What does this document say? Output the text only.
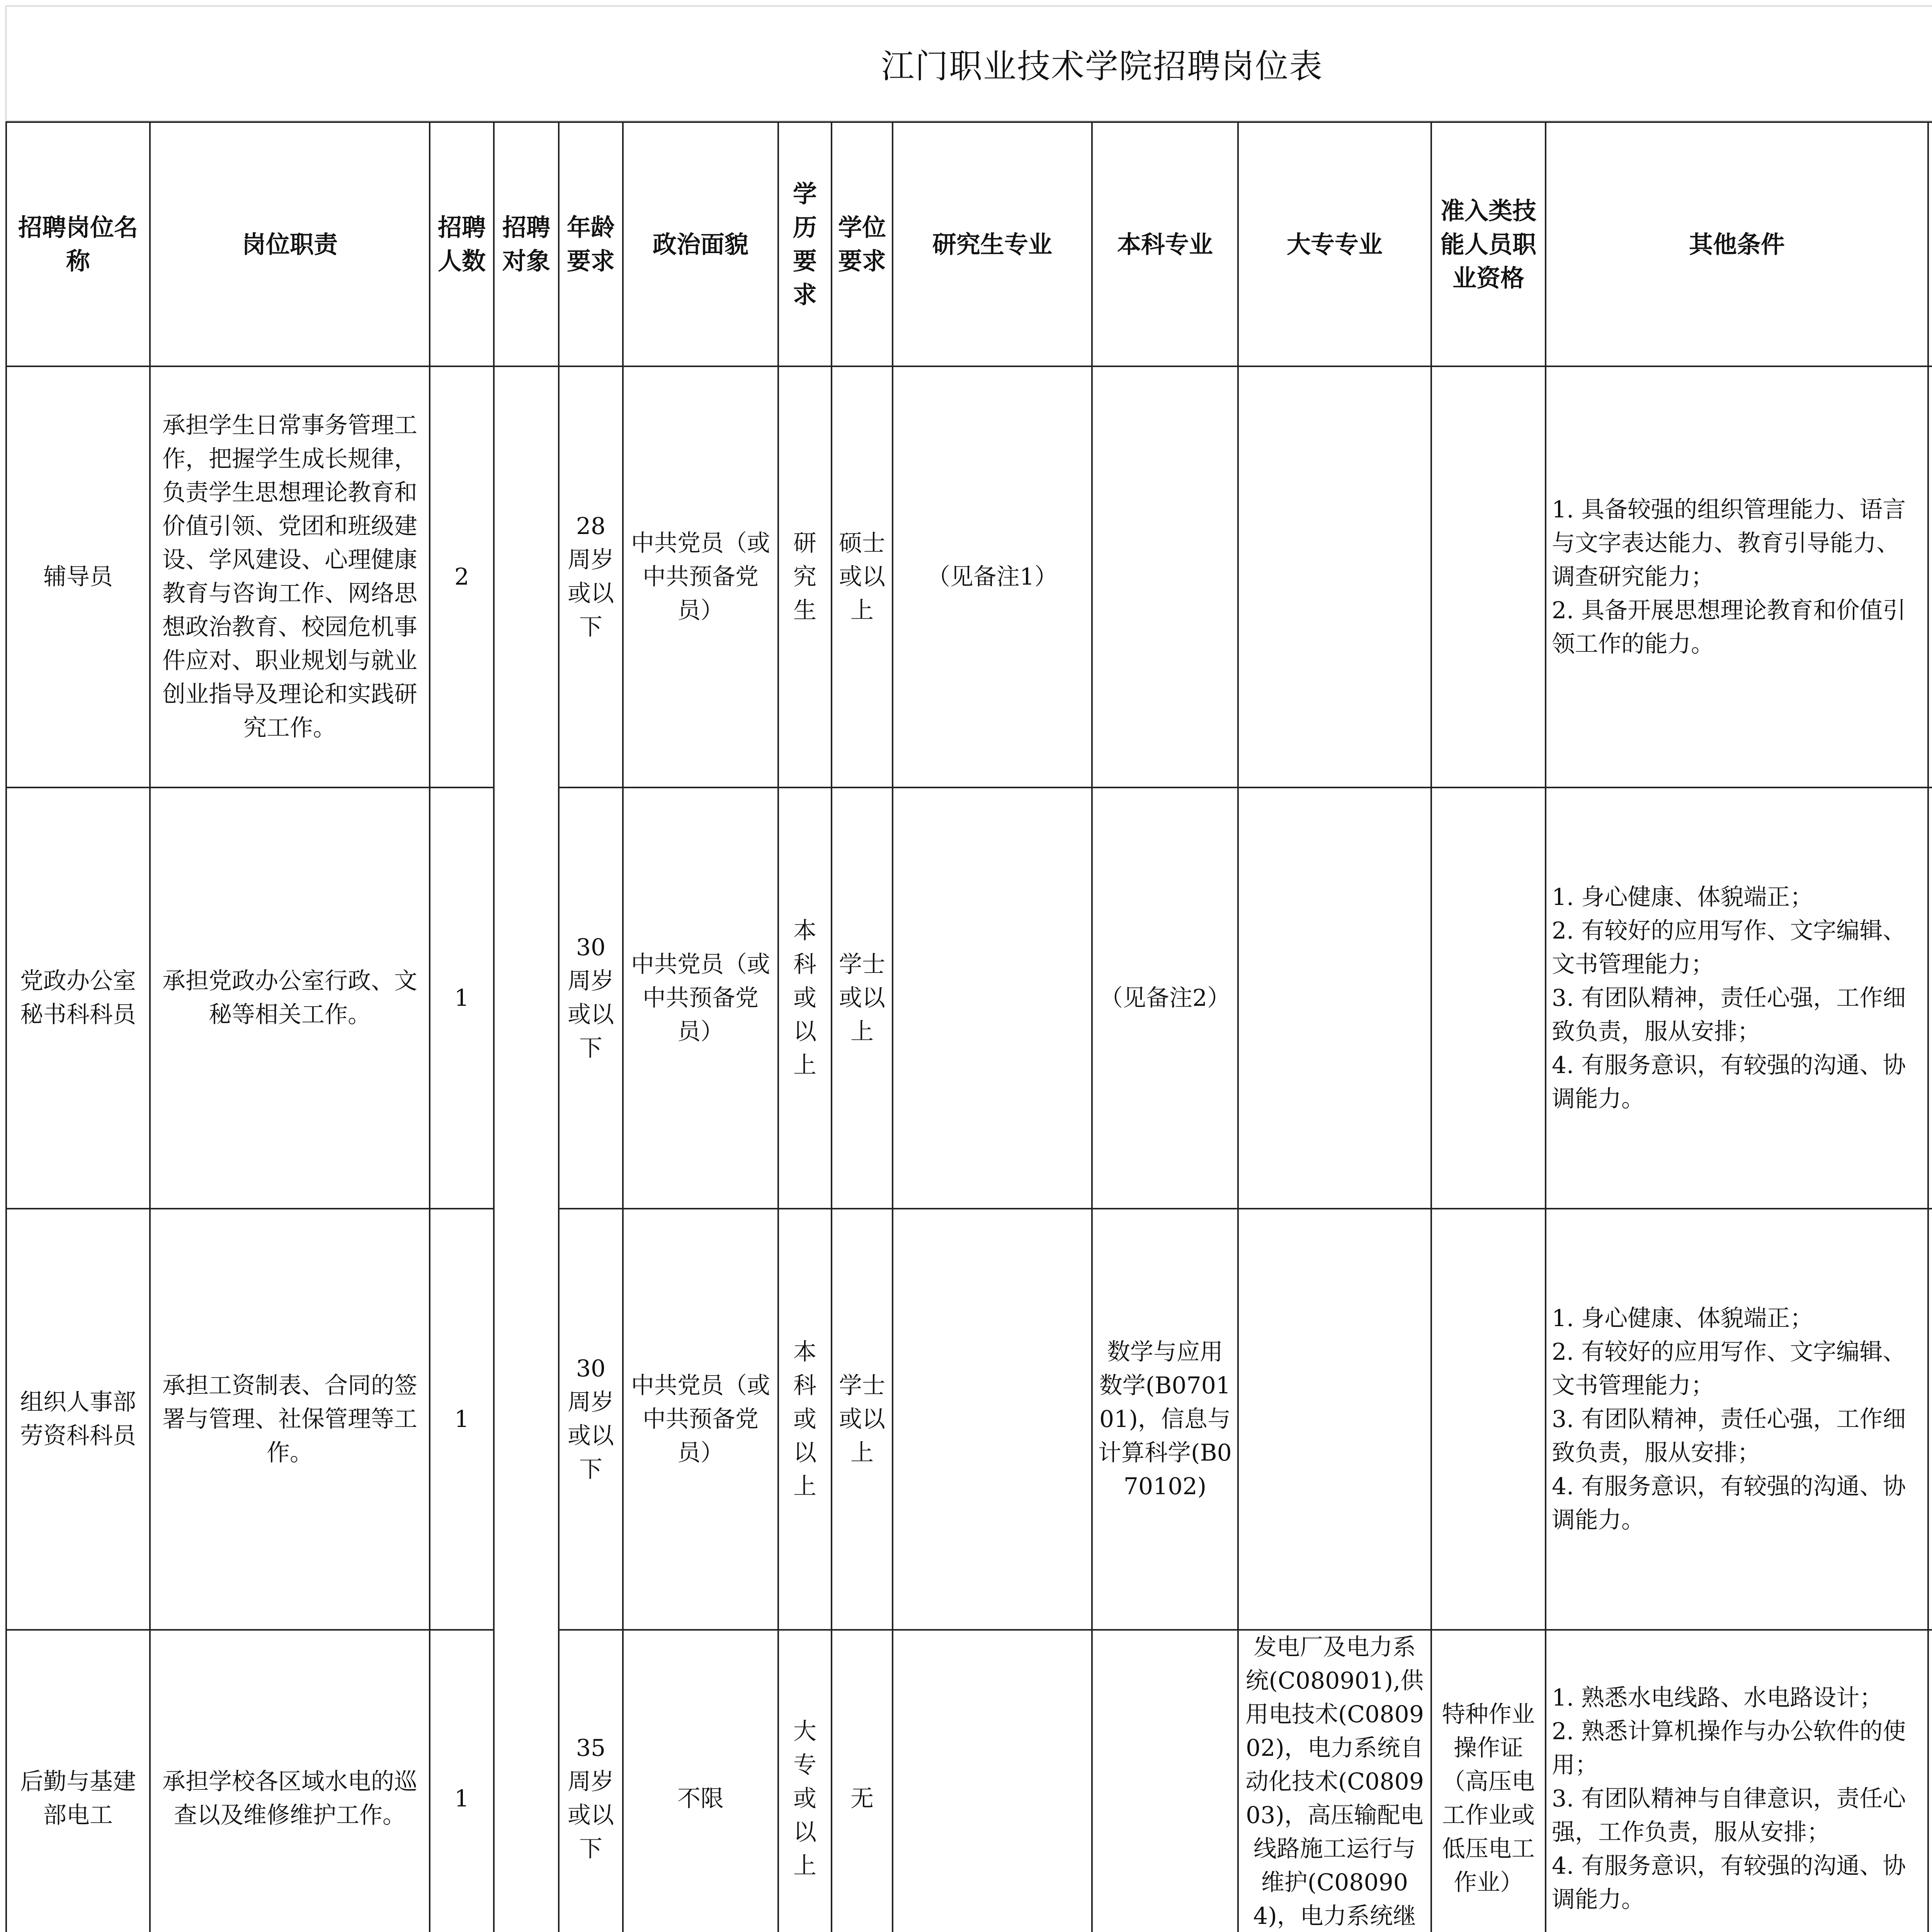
江门职业技术学院招聘岗位表
招聘岗位名称	岗位职责	招聘人数	招聘对象	年龄要求	政治面貌	学历要求	学位要求	研究生专业	本科专业	大专专业	准入类技能人员职业资格	其他条件		
辅导员	承担学生日常事务管理工作，把握学生成长规律，负责学生思想理论教育和价值引领、党团和班级建设、学风建设、心理健康教育与咨询工作、网络思想政治教育、校园危机事件应对、职业规划与就业创业指导及理论和实践研究工作。	2		28周岁或以下	中共党员（或中共预备党员）	研究生	硕士或以上	（见备注1）				1. 具备较强的组织管理能力、语言与文字表达能力、教育引导能力、调查研究能力；
2. 具备开展思想理论教育和价值引领工作的能力。		
党政办公室秘书科科员	承担党政办公室行政、文秘等相关工作。	1		30周岁或以下	中共党员（或中共预备党员）	本科或以上	学士或以上		（见备注2）			1. 身心健康、体貌端正；
2. 有较好的应用写作、文字编辑、文书管理能力；
3. 有团队精神，责任心强，工作细致负责，服从安排；
4. 有服务意识，有较强的沟通、协调能力。		
组织人事部劳资科科员	承担工资制表、合同的签署与管理、社保管理等工作。	1		30周岁或以下	中共党员（或中共预备党员）	本科或以上	学士或以上		数学与应用数学(B070101)，信息与计算科学(B070102)			1. 身心健康、体貌端正；
2. 有较好的应用写作、文字编辑、文书管理能力；
3. 有团队精神，责任心强，工作细致负责，服从安排；
4. 有服务意识，有较强的沟通、协调能力。		
后勤与基建部电工	承担学校各区域水电的巡查以及维修维护工作。	1		35周岁或以下	不限	大专或以上	无			发电厂及电力系统(C080901),供用电技术(C080902)，电力系统自动化技术(C080903)，高压输配电线路施工运行与维护(C080904)，电力系统继	特种作业操作证（高压电工作业或低压电工作业）	1. 熟悉水电线路、水电路设计；
2. 熟悉计算机操作与办公软件的使用；
3. 有团队精神与自律意识，责任心强，工作负责，服从安排；
4. 有服务意识，有较强的沟通、协调能力。		
